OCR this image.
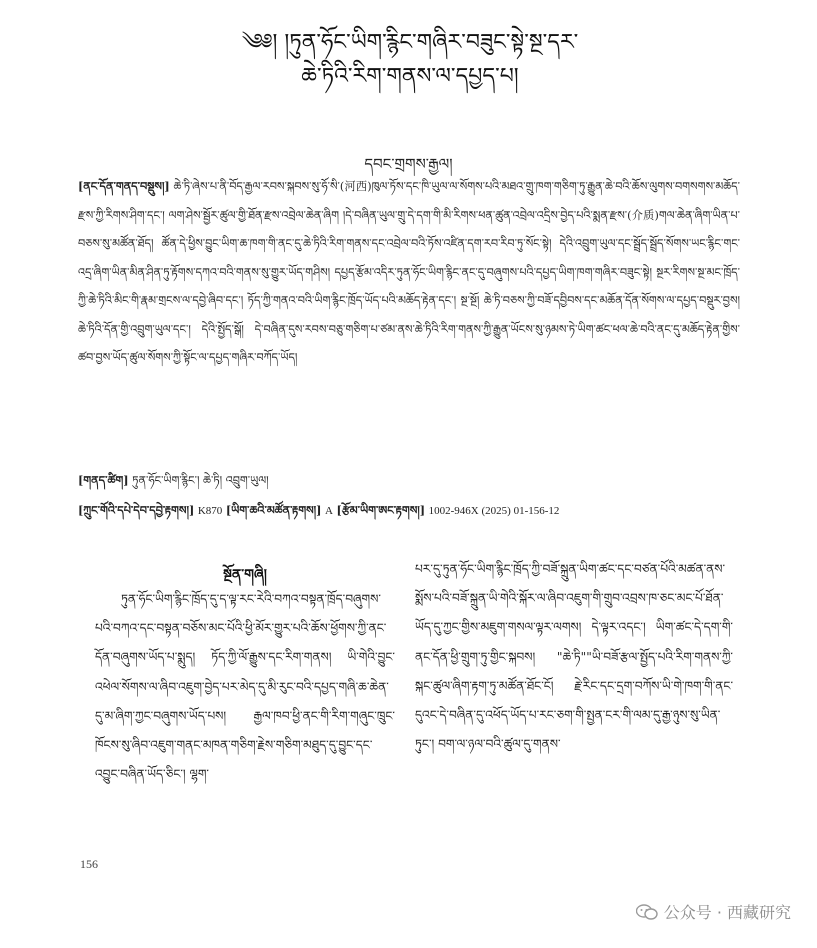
༄༅། །ཏུན་ཧོང་ཡིག་རྙིང་གཞིར་བཟུང་སྟེ་སྔ་དར་
ཆེ་ཏིའི་རིག་གནས་ལ་དཔྱད་པ།
དབང་གྲགས་རྒྱལ།
[ནང་དོན་གནད་བསྡུས།] ཆེ་ཏི་ཞེས་པ་ནི་བོད་རྒྱལ་རབས་སྐབས་སུ་ཧོ་སི་(河西)ཁུལ་ཏོས་དང་ཁི་ཡུལ་ལ་སོགས་པའི་མཐའ་གྲུ་ཁག་གཅིག་ཏུ་རྒྱུན་ཆེ་བའི་ཆོས་ལུགས་བགསགས་མཆོད་རྫས་ཀྱི་རིགས་ཤིག་དང་། ལག་ཤེས་སྦྱོར་ཚུལ་གྱི་ཐོན་རྫས་འབྲེལ་ཆེན་ཞིག །དེ་བཞིན་ཡུལ་གྲུ་དེ་དག་གི་མི་རིགས་ཕན་ཚུན་འབྲེལ་འདྲིས་བྱེད་པའི་སྨན་རྫས་(介质)གལ་ཆེན་ཞིག་ཡིན་པ་བཅས་སུ་མཚོན་ཐོད། ཚོན་དེ་ཕྱིས་བྱུང་ཡིག་ཆ་ཁག་གི་ནང་དུ་ཆེ་ཏིའི་རིག་གནས་དང་འབྲེལ་བའི་ཏོས་འཛིན་དག་རབ་རིབ་ཏུ་སོང་སྟེ། དེའི་འབྲུག་ཡུལ་དང་སྦྲོད་སྦྲོད་སོགས་ཡང་རྙིང་གང་འདྲ་ཞིག་ཡིན་མིན་ཤིན་ཏུ་རྟོགས་དཀའ་བའི་གནས་སུ་གྱུར་ཡོད་གཤིས། དཔྱད་རྩོམ་འདིར་ཏུན་ཧོང་ཡིག་རྙིང་ནང་དུ་བཞུགས་པའི་དཔྱད་ཡིག་ཁག་གཞིར་བཟུང་སྟེ། སྔར་རིགས་སྔ་མང་ཁྲོད་ཀྱི་ཆེ་ཏིའི་མིང་གི་རྣམ་གྲངས་ལ་དབྱེ་ཞིབ་དང་། ཏོད་ཀྱི་གནའ་བའི་ཡིག་རྙིང་ཁྲོད་ཡོད་པའི་མཆོད་རྟེན་དང་། སྔ་སྔོ། ཆེ་ཏི་བཅས་ཀྱི་བཟོ་དབྱིབས་དང་མཆོན་དོན་སོགས་ལ་དཔྱད་བསྡུར་བྱས། ཆེ་ཏིའི་དོན་གྱི་འབྲུག་ཡུལ་དང་། དེའི་སྤྱོད་སྒོ། དེ་བཞིན་དུས་རབས་བཅུ་གཅིག་པ་ཙམ་ནས་ཆེ་ཏིའི་རིག་གནས་ཀྱི་རྒྱུན་ཡོངས་སུ་ཉམས་ཏེ་ཡིག་ཚང་ཕལ་ཆེ་བའི་ནང་དུ་མཆོད་རྟེན་གྱིས་ཚབ་བྱས་ཡོད་ཚུལ་སོགས་ཀྱི་སྟོང་ལ་དཔྱད་གཞིར་བཀོད་ཡོད།
[གནད་ཚིག] ཏུན་ཧོང་ཡིག་རྙིང་། ཆེ་ཏི། འབྲུག་ཡུལ།
[ཀྲུང་གོའི་དཔེ་དེབ་དབྱེ་རྟགས།] K870 [ཡིག་ཆའི་མཚོན་རྟགས།] A [རྩོམ་ཡིག་ཨང་རྟགས།] 1002-946X (2025) 01-156-12
སྔོན་གཞི།
ཏུན་ཧོང་ཡིག་རྙིང་ཁྲོད་དུ་ད་ལྟ་རང་རེའི་བཀའ་བསྟན་ཁྲོད་བཞུགས་པའི་བཀའ་དང་བསྟན་བཅོས་མང་པོའི་ཕྱི་མོར་གྱུར་པའི་ཆོས་ཕྱོགས་ཀྱི་ནང་དོན་བཞུགས་ཡོད་པ་སྨུད། ཏོད་ཀྱི་ལོ་རྒྱུས་དང་རིག་གནས། ཡི་གེའི་བྱུང་འཕེལ་སོགས་ལ་ཞིབ་འཇུག་བྱེད་པར་མེད་དུ་མི་རུང་བའི་དཔྱད་གཞི་ཆ་ཆེན་དུ་མ་ཞིག་ཀྱང་བཞུགས་ཡོད་པས། རྒྱལ་ཁབ་ཕྱི་ནང་གི་རིག་གཞུང་ཁྲུང་ཁོངས་སུ་ཞིབ་འཇུག་གནང་མཁན་གཅིག་རྗེས་གཅིག་མཐུད་དུ་བྱུང་དང་འབྱུང་བཞིན་ཡོད་ཅིང་། ལྷག་
པར་དུ་ཏུན་ཧོང་ཡིག་རྙིང་ཁྲོད་ཀྱི་བཟོ་སྐྲུན་ཡིག་ཚང་དང་བཙན་པོའི་མཚན་ནས་སྨོས་པའི་བཟོ་སྐྲུན་ཡི་གེའི་སྐོར་ལ་ཞིབ་འཇུག་གི་གྲུབ་འབྲས་ཁ་ཅང་མང་པོ་ཐོན་ཡོད་དུ་ཀྱང་གྱིས་མཇུག་གསལ་ལྟར་ལགས། དེ་ལྟར་འདང་། ཡིག་ཚང་དེ་དག་གི་ནང་དོན་ཕྱི་གྲུག་ཏུ་གྱིང་སྐབས། "ཆེ་ཏི""ཡི་བཟོ་རྩལ་སྤྱོད་པའི་རིག་གནས་ཀྱི་སྐང་ཚུལ་ཞིག་རྟག་ཏུ་མཚོན་ཐོང་ངོ། རྗེ་རིང་དང་དྲག་བཀོས་ཡི་གེ་ཁག་གི་ནང་དུའང་དེ་བཞིན་དུ་འཕོད་ཡོད་པ་རང་ཅག་གི་སྤྱན་ངར་གི་ལམ་དུ་རྒྱ་ཉུས་སུ་ཡིན་ཏུང་། བག་ལ་ཉལ་བའི་ཚུལ་དུ་གནས་
156
公众号 · 西藏研究
